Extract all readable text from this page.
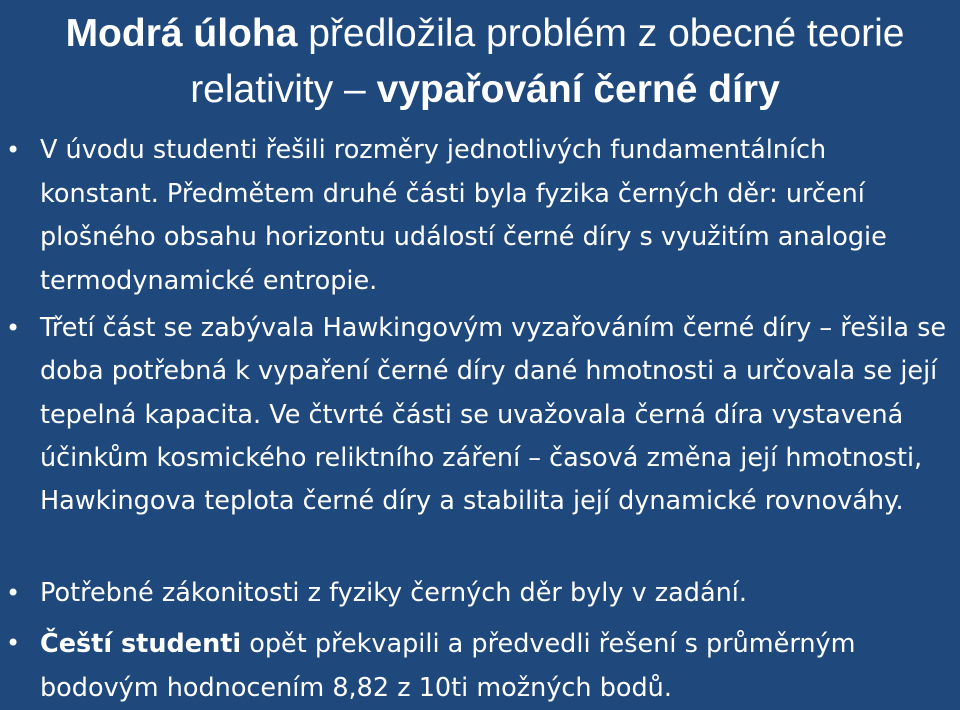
Modrá úloha předložila problém z obecné teorie relativity – vypařování černé díry
• V úvodu studenti řešili rozměry jednotlivých fundamentálních konstant. Předmětem druhé části byla fyzika černých děr: určení plošného obsahu horizontu událostí černé díry s využitím analogie termodynamické entropie.
• Třetí část se zabývala Hawkingovým vyzařováním černé díry – řešila se doba potřebná k vypaření černé díry dané hmotnosti a určovala se její tepelná kapacita. Ve čtvrté části se uvažovala černá díra vystavená účinkům kosmického reliktního záření – časová změna její hmotnosti, Hawkingova teplota černé díry a stabilita její dynamické rovnováhy.
• Potřebné zákonitosti z fyziky černých děr byly v zadání.
• Čeští studenti opět překvapili a předvedli řešení s průměrným bodovým hodnocením 8,82 z 10ti možných bodů.
